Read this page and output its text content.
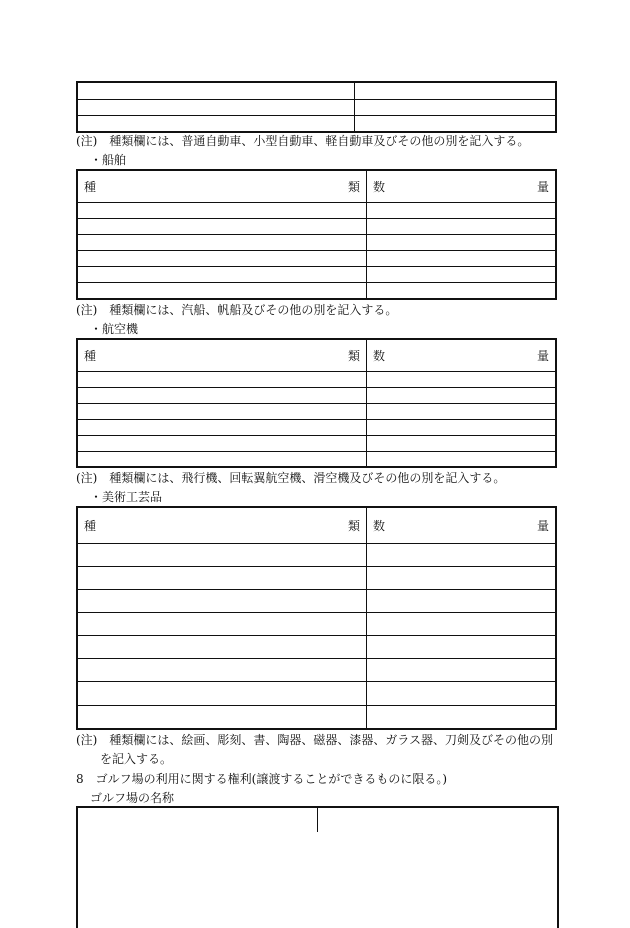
(注)　種類欄には、普通自動車、小型自動車、軽自動車及びその他の別を記入する。
・船舶
種 類	数 量

(注)　種類欄には、汽船、帆船及びその他の別を記入する。
・航空機
種 類	数 量

(注)　種類欄には、飛行機、回転翼航空機、滑空機及びその他の別を記入する。
・美術工芸品
種 類	数 量

(注)　種類欄には、絵画、彫刻、書、陶器、磁器、漆器、ガラス器、刀剣及びその他の別
を記入する。
8　ゴルフ場の利用に関する権利(譲渡することができるものに限る。)
ゴルフ場の名称
